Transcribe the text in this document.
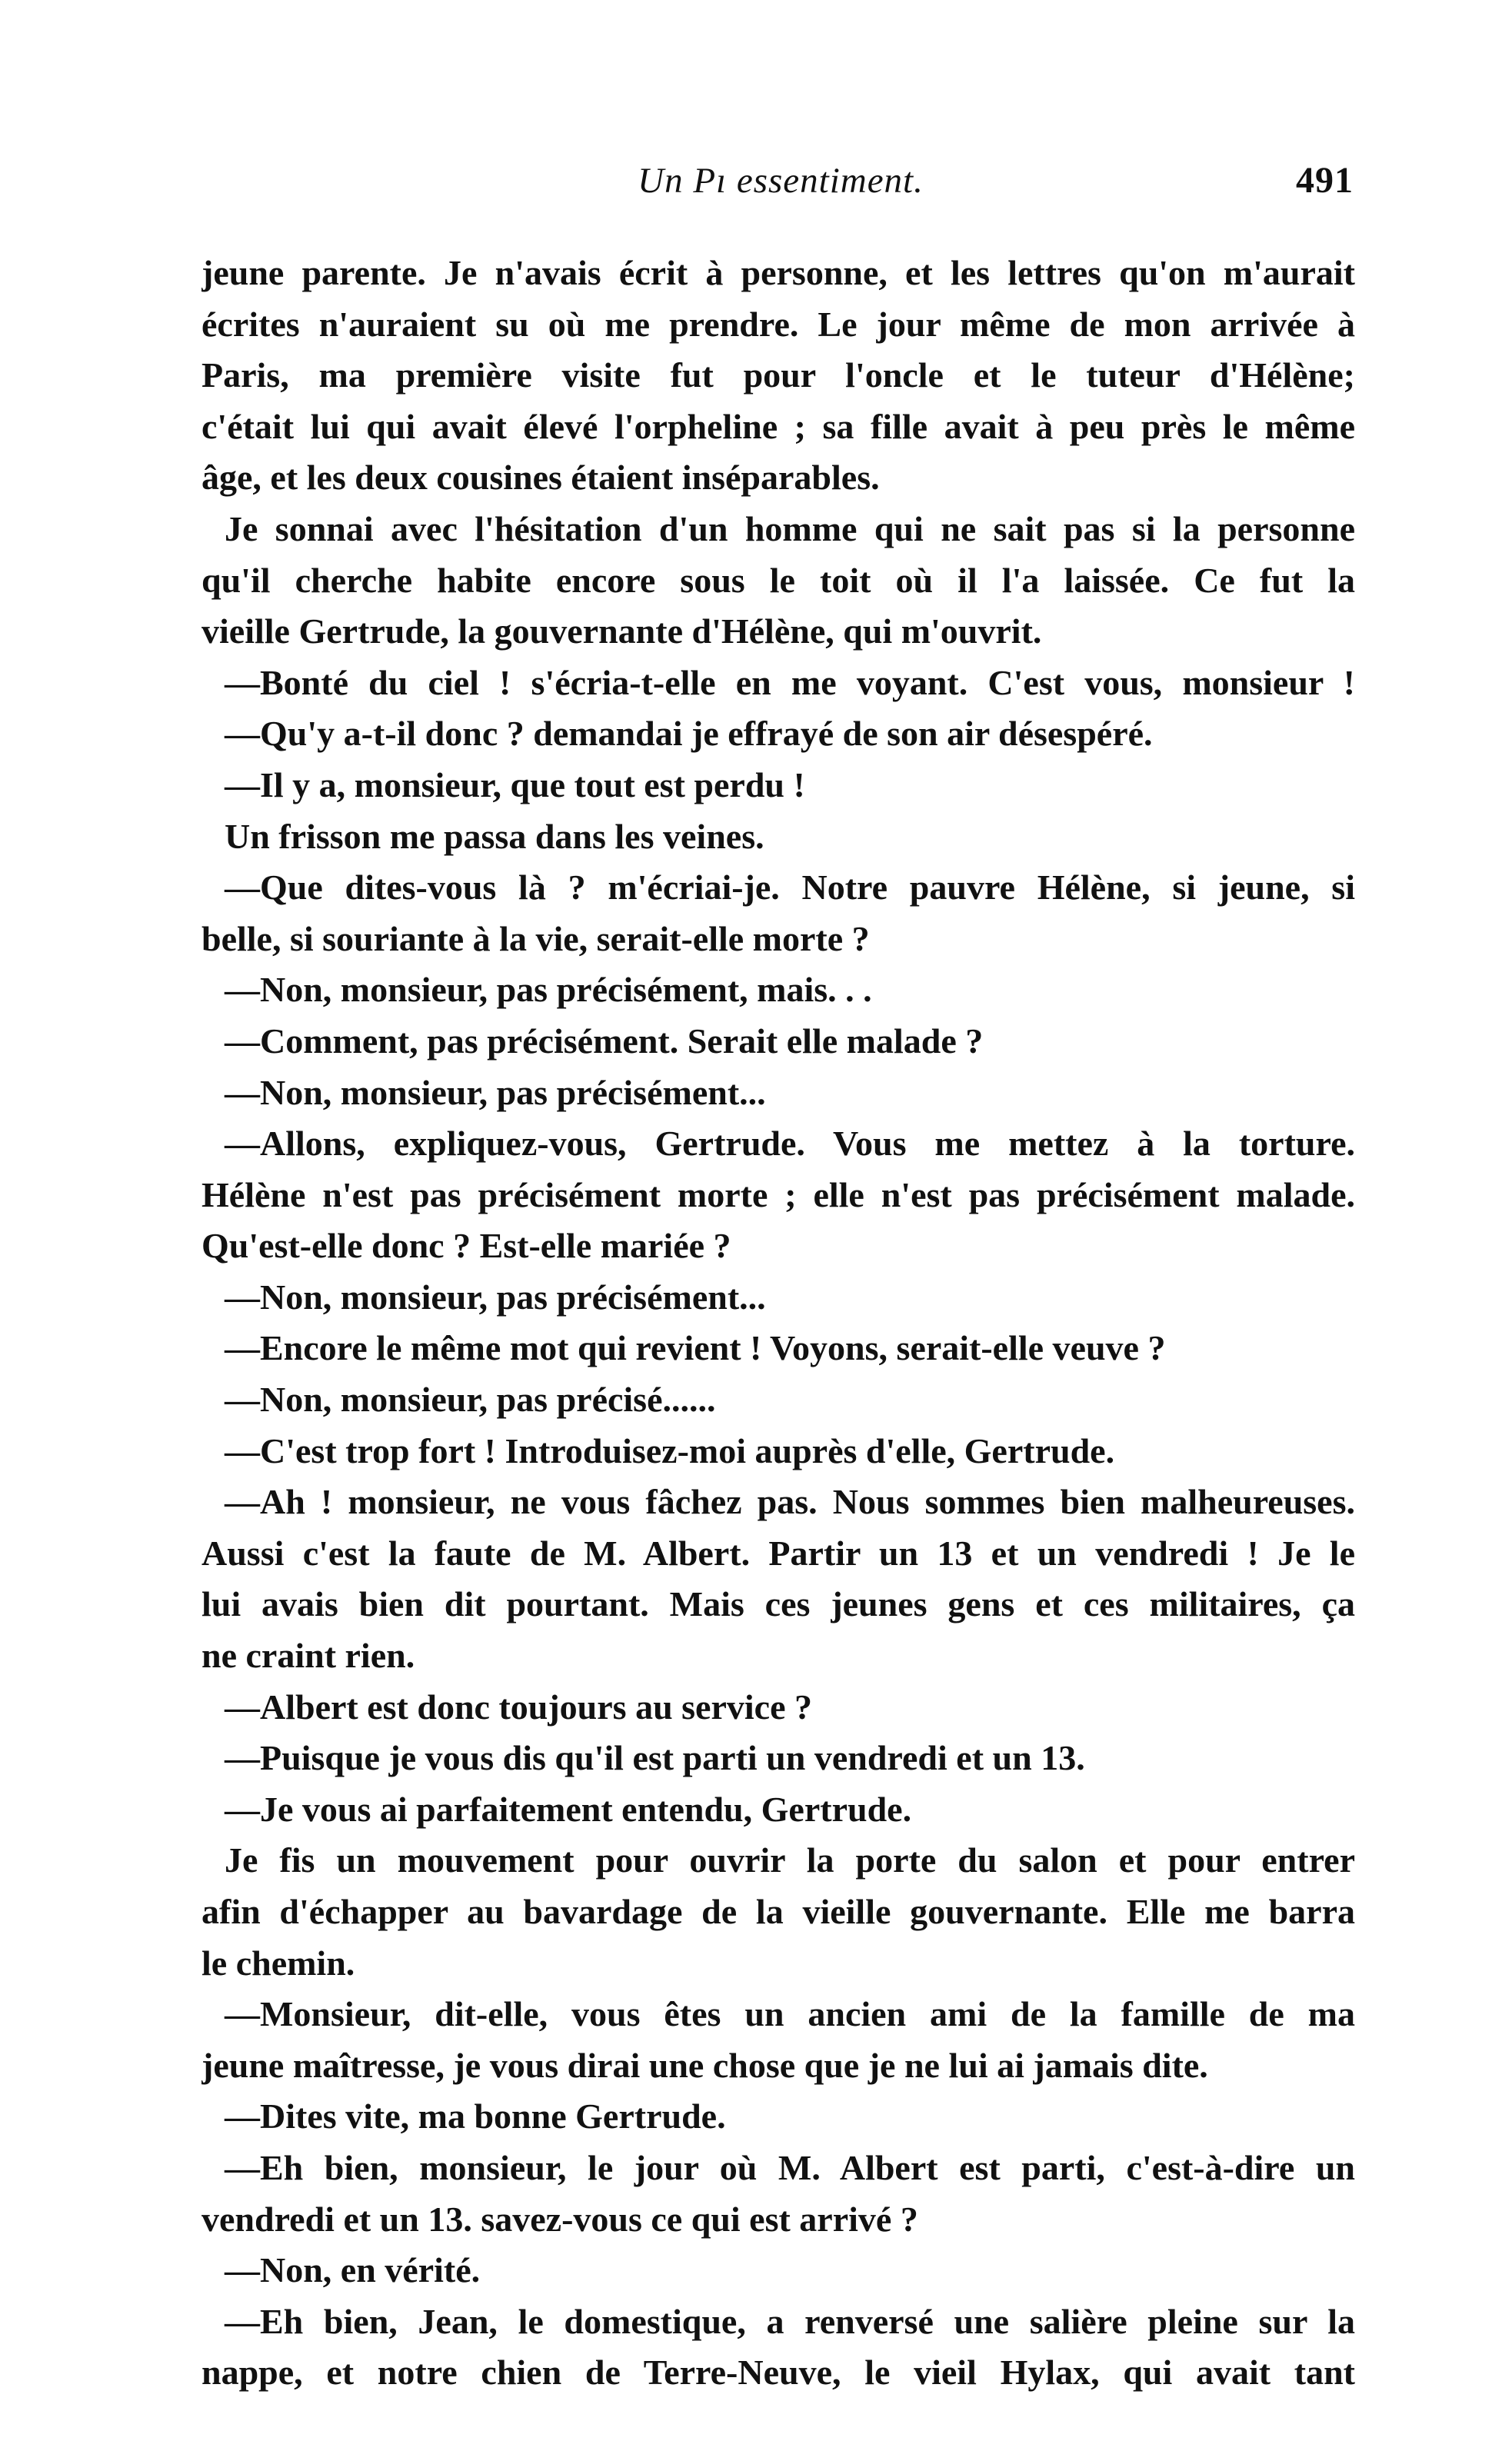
Un Pı essentiment.	491
jeune parente. Je n'avais écrit à personne, et les lettres qu'on m'aurait
écrites n'auraient su où me prendre. Le jour même de mon arrivée à
Paris, ma première visite fut pour l'oncle et le tuteur d'Hélène;
c'était lui qui avait élevé l'orpheline ; sa fille avait à peu près le même
âge, et les deux cousines étaient inséparables.
Je sonnai avec l'hésitation d'un homme qui ne sait pas si la personne
qu'il cherche habite encore sous le toit où il l'a laissée. Ce fut la
vieille Gertrude, la gouvernante d'Hélène, qui m'ouvrit.
—Bonté du ciel ! s'écria-t-elle en me voyant. C'est vous, monsieur !
—Qu'y a-t-il donc ? demandai je effrayé de son air désespéré.
—Il y a, monsieur, que tout est perdu !
Un frisson me passa dans les veines.
—Que dites-vous là ? m'écriai-je. Notre pauvre Hélène, si jeune, si
belle, si souriante à la vie, serait-elle morte ?
—Non, monsieur, pas précisément, mais. . .
—Comment, pas précisément. Serait elle malade ?
—Non, monsieur, pas précisément...
—Allons, expliquez-vous, Gertrude. Vous me mettez à la torture.
Hélène n'est pas précisément morte ; elle n'est pas précisément malade.
Qu'est-elle donc ? Est-elle mariée ?
—Non, monsieur, pas précisément...
—Encore le même mot qui revient ! Voyons, serait-elle veuve ?
—Non, monsieur, pas précisé......
—C'est trop fort ! Introduisez-moi auprès d'elle, Gertrude.
—Ah ! monsieur, ne vous fâchez pas. Nous sommes bien malheureuses.
Aussi c'est la faute de M. Albert. Partir un 13 et un vendredi ! Je le
lui avais bien dit pourtant. Mais ces jeunes gens et ces militaires, ça
ne craint rien.
—Albert est donc toujours au service ?
—Puisque je vous dis qu'il est parti un vendredi et un 13.
—Je vous ai parfaitement entendu, Gertrude.
Je fis un mouvement pour ouvrir la porte du salon et pour entrer
afin d'échapper au bavardage de la vieille gouvernante. Elle me barra
le chemin.
—Monsieur, dit-elle, vous êtes un ancien ami de la famille de ma
jeune maîtresse, je vous dirai une chose que je ne lui ai jamais dite.
—Dites vite, ma bonne Gertrude.
—Eh bien, monsieur, le jour où M. Albert est parti, c'est-à-dire un
vendredi et un 13. savez-vous ce qui est arrivé ?
—Non, en vérité.
—Eh bien, Jean, le domestique, a renversé une salière pleine sur la
nappe, et notre chien de Terre-Neuve, le vieil Hylax, qui avait tant
